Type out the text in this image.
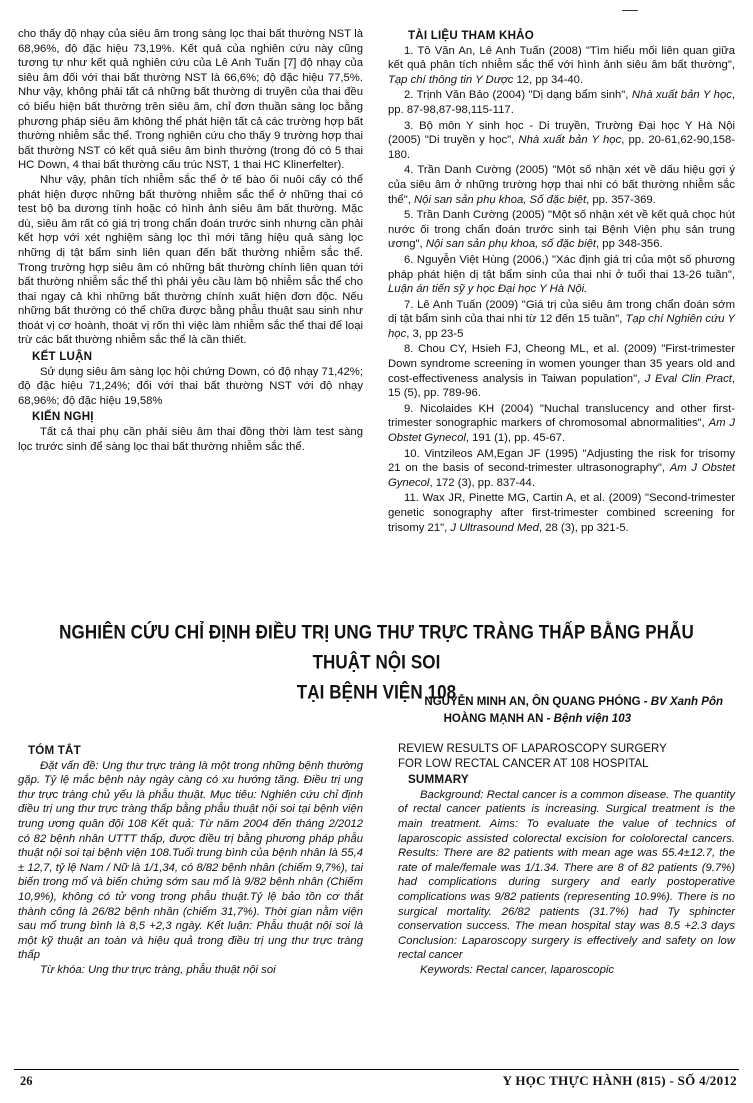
cho thấy độ nhạy của siêu âm trong sàng lọc thai bất thường NST là 68,96%, độ đặc hiệu 73,19%. Kết quả của nghiên cứu này cũng tương tự như kết quả nghiên cứu của Lê Anh Tuấn [7] độ nhạy của siêu âm đối với thai bất thường NST là 66,6%; độ đặc hiệu 77,5%. Như vậy, không phải tất cả những bất thường di truyền của thai đều có biểu hiện bất thường trên siêu âm, chỉ đơn thuần sàng lọc bằng phương pháp siêu âm không thể phát hiện tất cả các trường hợp bất thường nhiễm sắc thể. Trong nghiên cứu cho thấy 9 trường hợp thai bất thường NST có kết quả siêu âm bình thường (trong đó có 5 thai HC Down, 4 thai bất thường cấu trúc NST, 1 thai HC Klinerfelter).

Như vậy, phân tích nhiễm sắc thể ở tế bào ối nuôi cấy có thể phát hiện được những bất thường nhiễm sắc thể ở những thai có test bộ ba dương tính hoặc có hình ảnh siêu âm bất thường. Mặc dù, siêu âm rất có giá trị trong chẩn đoán trước sinh nhưng cần phải kết hợp với xét nghiệm sàng lọc thì mới tăng hiệu quả sàng lọc những dị tật bẩm sinh liên quan đến bất thường nhiễm sắc thể. Trong trường hợp siêu âm có những bất thường chính liên quan tới bất thường nhiễm sắc thể thì phải yêu cầu làm bộ nhiễm sắc thể cho thai ngay cả khi những bất thường chính xuất hiện đơn độc. Nếu những bất thường có thể chữa được bằng phẫu thuật sau sinh như thoát vị cơ hoành, thoát vị rốn thì việc làm nhiễm sắc thể thai để loại trừ các bất thường nhiễm sắc thể là cần thiết.

KẾT LUẬN

Sử dụng siêu âm sàng lọc hội chứng Down, có độ nhạy 71,42%; độ đặc hiệu 71,24%; đối với thai bất thường NST với độ nhạy 68,96%; độ đặc hiệu 19,58%

KIẾN NGHỊ

Tất cả thai phụ cần phải siêu âm thai đồng thời làm test sàng lọc trước sinh để sàng lọc thai bất thường nhiễm sắc thể.

TÀI LIỆU THAM KHẢO

1. Tô Văn An, Lê Anh Tuấn (2008) "Tìm hiểu mối liên quan giữa kết quả phân tích nhiễm sắc thể với hình ảnh siêu âm bất thường", Tạp chí thông tin Y Dược 12, pp 34-40.

2. Trịnh Văn Bảo (2004) "Dị dạng bẩm sinh", Nhà xuất bản Y học, pp. 87-98,87-98,115-117.

3. Bộ môn Y sinh học - Di truyền, Trường Đại học Y Hà Nội (2005) "Di truyền y học", Nhà xuất bản Y học, pp. 20-61,62-90,158-180.

4. Trần Danh Cường (2005) "Một số nhận xét về dấu hiệu gợi ý của siêu âm ở những trường hợp thai nhi có bất thường nhiễm sắc thể", Nội san sản phụ khoa, Số đặc biệt, pp. 357-369.

5. Trần Danh Cường (2005) "Một số nhận xét về kết quả chọc hút nước ối trong chẩn đoán trước sinh tại Bệnh Viện phụ sản trung ương", Nội san sản phụ khoa, số đặc biệt, pp 348-356.

6. Nguyễn Việt Hùng (2006,) "Xác định giá trị của một số phương pháp phát hiện dị tật bẩm sinh của thai nhi ở tuổi thai 13-26 tuần", Luận án tiến sỹ y học Đại học Y Hà Nội.

7. Lê Anh Tuấn (2009) "Giá trị của siêu âm trong chẩn đoán sớm dị tật bẩm sinh của thai nhi từ 12 đến 15 tuần", Tạp chí Nghiên cứu Y học, 3, pp 23-5

8. Chou CY, Hsieh FJ, Cheong ML, et al. (2009) "First-trimester Down syndrome screening in women younger than 35 years old and cost-effectiveness analysis in Taiwan population", J Eval Clin Pract, 15 (5), pp. 789-96.

9. Nicolaides KH (2004) "Nuchal translucency and other first-trimester sonographic markers of chromosomal abnormalities", Am J Obstet Gynecol, 191 (1), pp. 45-67.

10. Vintzileos AM,Egan JF (1995) "Adjusting the risk for trisomy 21 on the basis of second-trimester ultrasonography", Am J Obstet Gynecol, 172 (3), pp. 837-44.

11. Wax JR, Pinette MG, Cartin A, et al. (2009) "Second-trimester genetic sonography after first-trimester combined screening for trisomy 21", J Ultrasound Med, 28 (3), pp 321-5.

NGHIÊN CỨU CHỈ ĐỊNH ĐIỀU TRỊ UNG THƯ TRỰC TRÀNG THẤP BẰNG PHẪU THUẬT NỘI SOI
TẠI BỆNH VIỆN 108
NGUYỄN MINH AN, ÔN QUANG PHÓNG - BV Xanh Pôn
HOÀNG MẠNH AN - Bệnh viện 103

TÓM TẮT

Đặt vấn đề: Ung thư trực tràng là một trong những bệnh thường gặp. Tỷ lệ mắc bệnh này ngày càng có xu hướng tăng. Điều trị ung thư trực tràng chủ yếu là phẫu thuật. Mục tiêu: Nghiên cứu chỉ định điều trị ung thư trực tràng thấp bằng phẫu thuật nội soi tại bệnh viện trung ương quân đội 108 Kết quả: Từ năm 2004 đến tháng 2/2012 có 82 bệnh nhân UTTT thấp, được điều trị bằng phương pháp phẫu thuật nội soi tại bệnh viện 108.Tuổi trung bình của bệnh nhân là 55,4 ± 12,7, tỷ lệ Nam / Nữ là 1/1,34, có 8/82 bệnh nhân (chiếm 9,7%), tai biến trong mổ và biến chứng sớm sau mổ là 9/82 bệnh nhân (Chiếm 10,9%), không có tử vong trong phẫu thuật.Tỷ lệ bảo tồn cơ thắt thành công là 26/82 bệnh nhân (chiếm 31,7%). Thời gian nằm viện sau mổ trung bình là 8,5 +2,3 ngày. Kết luận: Phẫu thuật nội soi là một kỹ thuật an toàn và hiệu quả trong điều trị ung thư trực tràng thấp

Từ khóa: Ung thư trực tràng, phẫu thuật nội soi

REVIEW RESULTS OF LAPAROSCOPY SURGERY

FOR LOW RECTAL CANCER AT 108 HOSPITAL

SUMMARY

Background: Rectal cancer is a common disease. The quantity of rectal cancer patients is increasing. Surgical treatment is the main treatment. Aims: To evaluate the value of technics of laparoscopic assisted colorectal excision for cololorectal cancers. Results: There are 82 patients with mean age was 55.4±12.7, the rate of male/female was 1/1.34. There are 8 of 82 patients (9.7%) had complications during surgery and early postoperative complications was 9/82 patients (representing 10.9%). There is no surgical mortality. 26/82 patients (31.7%) had Ty sphincter conservation success. The mean hospital stay was 8.5 +2.3 days Conclusion: Laparoscopy surgery is effectively and safety on low rectal cancer

Keywords: Rectal cancer, laparoscopic

26	Y HỌC THỰC HÀNH (815) - SỐ 4/2012
